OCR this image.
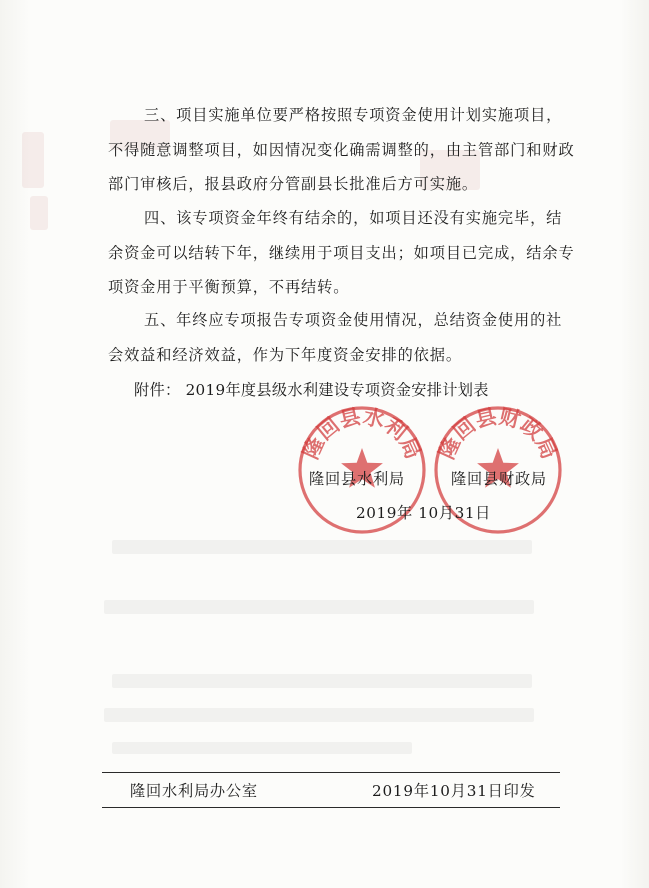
三、项目实施单位要严格按照专项资金使用计划实施项目，不得随意调整项目，如因情况变化确需调整的，由主管部门和财政部门审核后，报县政府分管副县长批准后方可实施。

四、该专项资金年终有结余的，如项目还没有实施完毕，结余资金可以结转下年，继续用于项目支出；如项目已完成，结余专项资金用于平衡预算，不再结转。

五、年终应专项报告专项资金使用情况，总结资金使用的社会效益和经济效益，作为下年度资金安排的依据。

附件： 2019年度县级水利建设专项资金安排计划表
隆回县水利局 隆回县财政局
隆回县水利局	隆回县财政局
2019年 10月31日
隆回水利局办公室	2019年10月31日印发
